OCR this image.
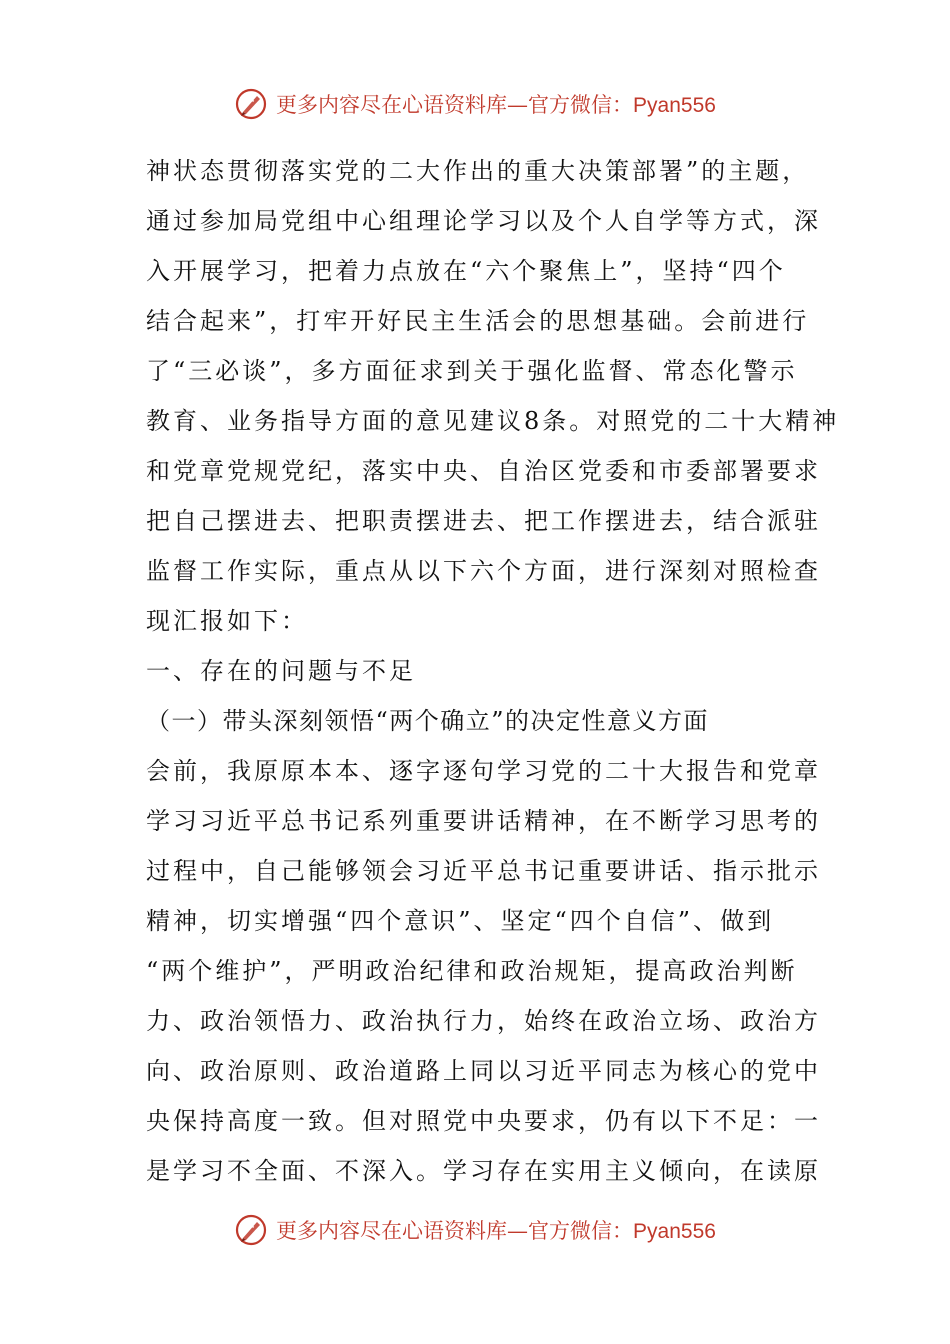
更多内容尽在心语资料库—官方微信：Pyan556
神状态贯彻落实党的二大作出的重大决策部署”的主题，
通过参加局党组中心组理论学习以及个人自学等方式，深
入开展学习，把着力点放在“六个聚焦上”，坚持“四个
结合起来”，打牢开好民主生活会的思想基础。会前进行
了“三必谈”，多方面征求到关于强化监督、常态化警示
教育、业务指导方面的意见建议8条。对照党的二十大精神
和党章党规党纪，落实中央、自治区党委和市委部署要求
把自己摆进去、把职责摆进去、把工作摆进去，结合派驻
监督工作实际，重点从以下六个方面，进行深刻对照检查
现汇报如下：
一、存在的问题与不足
（一）带头深刻领悟“两个确立”的决定性意义方面
会前，我原原本本、逐字逐句学习党的二十大报告和党章
学习习近平总书记系列重要讲话精神，在不断学习思考的
过程中，自己能够领会习近平总书记重要讲话、指示批示
精神，切实增强“四个意识”、坚定“四个自信”、做到
“两个维护”，严明政治纪律和政治规矩，提高政治判断
力、政治领悟力、政治执行力，始终在政治立场、政治方
向、政治原则、政治道路上同以习近平同志为核心的党中
央保持高度一致。但对照党中央要求，仍有以下不足：一
是学习不全面、不深入。学习存在实用主义倾向，在读原
更多内容尽在心语资料库—官方微信：Pyan556
